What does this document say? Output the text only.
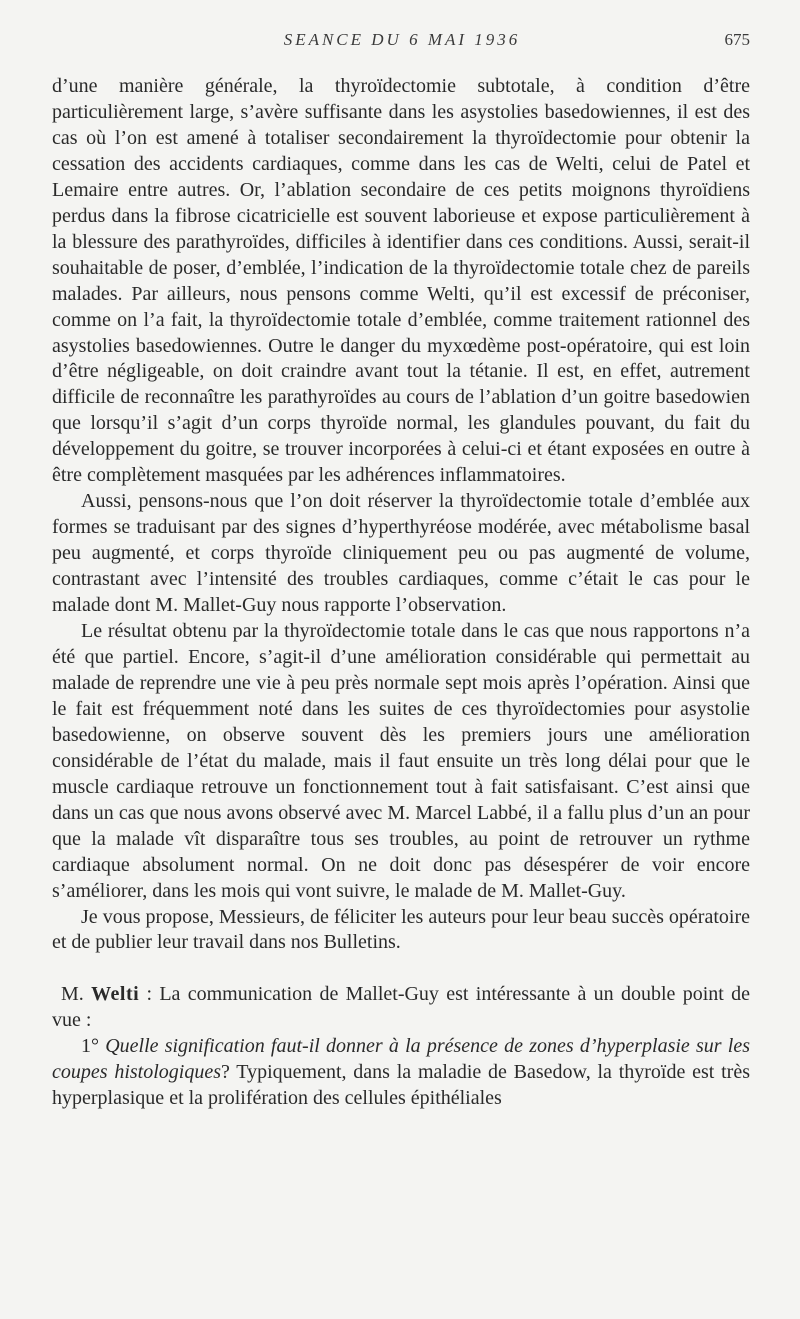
SEANCE DU 6 MAI 1936	675

d’une manière générale, la thyroïdectomie subtotale, à condition d’être particulièrement large, s’avère suffisante dans les asystolies basedowiennes, il est des cas où l’on est amené à totaliser secondairement la thyroïdectomie pour obtenir la cessation des accidents cardiaques, comme dans les cas de Welti, celui de Patel et Lemaire entre autres. Or, l’ablation secondaire de ces petits moignons thyroïdiens perdus dans la fibrose cicatricielle est souvent laborieuse et expose particulièrement à la blessure des parathyroïdes, difficiles à identifier dans ces conditions. Aussi, serait-il souhaitable de poser, d’emblée, l’indication de la thyroïdectomie totale chez de pareils malades. Par ailleurs, nous pensons comme Welti, qu’il est excessif de préconiser, comme on l’a fait, la thyroïdectomie totale d’emblée, comme traitement rationnel des asystolies basedowiennes. Outre le danger du myxœdème post-opératoire, qui est loin d’être négligeable, on doit craindre avant tout la tétanie. Il est, en effet, autrement difficile de reconnaître les parathyroïdes au cours de l’ablation d’un goitre basedowien que lorsqu’il s’agit d’un corps thyroïde normal, les glandules pouvant, du fait du développement du goitre, se trouver incorporées à celui-ci et étant exposées en outre à être complètement masquées par les adhérences inflammatoires.

Aussi, pensons-nous que l’on doit réserver la thyroïdectomie totale d’emblée aux formes se traduisant par des signes d’hyperthyréose modérée, avec métabolisme basal peu augmenté, et corps thyroïde cliniquement peu ou pas augmenté de volume, contrastant avec l’intensité des troubles cardiaques, comme c’était le cas pour le malade dont M. Mallet-Guy nous rapporte l’observation.

Le résultat obtenu par la thyroïdectomie totale dans le cas que nous rapportons n’a été que partiel. Encore, s’agit-il d’une amélioration considérable qui permettait au malade de reprendre une vie à peu près normale sept mois après l’opération. Ainsi que le fait est fréquemment noté dans les suites de ces thyroïdectomies pour asystolie basedowienne, on observe souvent dès les premiers jours une amélioration considérable de l’état du malade, mais il faut ensuite un très long délai pour que le muscle cardiaque retrouve un fonctionnement tout à fait satisfaisant. C’est ainsi que dans un cas que nous avons observé avec M. Marcel Labbé, il a fallu plus d’un an pour que la malade vît disparaître tous ses troubles, au point de retrouver un rythme cardiaque absolument normal. On ne doit donc pas désespérer de voir encore s’améliorer, dans les mois qui vont suivre, le malade de M. Mallet-Guy.

Je vous propose, Messieurs, de féliciter les auteurs pour leur beau succès opératoire et de publier leur travail dans nos Bulletins.

M. Welti : La communication de Mallet-Guy est intéressante à un double point de vue :

1° Quelle signification faut-il donner à la présence de zones d’hyperplasie sur les coupes histologiques? Typiquement, dans la maladie de Basedow, la thyroïde est très hyperplasique et la prolifération des cellules épithéliales
